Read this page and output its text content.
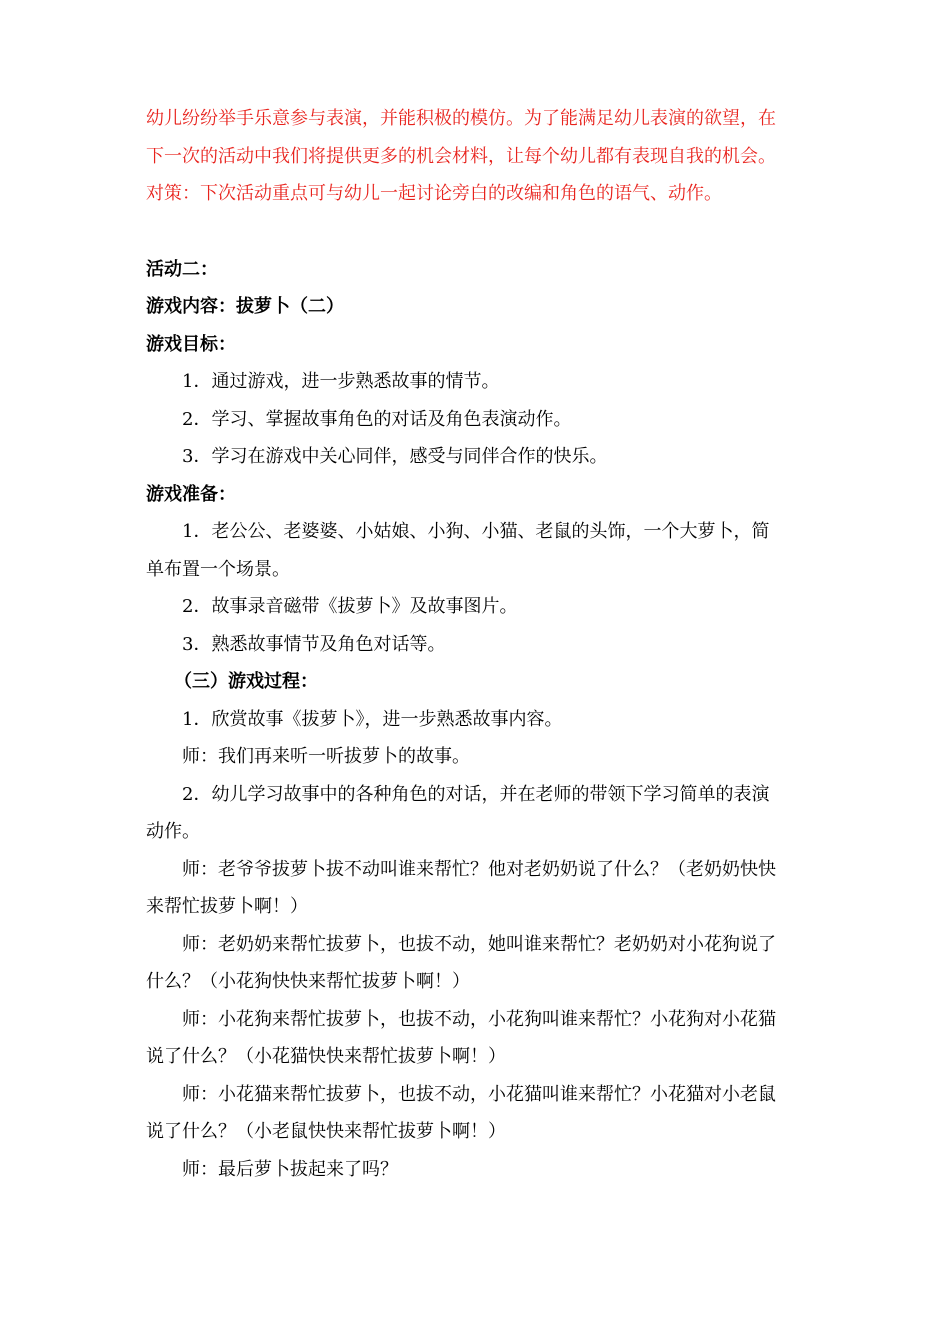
幼儿纷纷举手乐意参与表演，并能积极的模仿。为了能满足幼儿表演的欲望，在
下一次的活动中我们将提供更多的机会材料，让每个幼儿都有表现自我的机会。
对策：下次活动重点可与幼儿一起讨论旁白的改编和角色的语气、动作。
活动二：
游戏内容：拔萝卜（二）
游戏目标：
1．通过游戏，进一步熟悉故事的情节。
2．学习、掌握故事角色的对话及角色表演动作。
3．学习在游戏中关心同伴，感受与同伴合作的快乐。
游戏准备：
1．老公公、老婆婆、小姑娘、小狗、小猫、老鼠的头饰，一个大萝卜，简
单布置一个场景。
2．故事录音磁带《拔萝卜》及故事图片。
3．熟悉故事情节及角色对话等。
（三）游戏过程：
1．欣赏故事《拔萝卜》，进一步熟悉故事内容。
师：我们再来听一听拔萝卜的故事。
2．幼儿学习故事中的各种角色的对话，并在老师的带领下学习简单的表演
动作。
师：老爷爷拔萝卜拔不动叫谁来帮忙？他对老奶奶说了什么？（老奶奶快快
来帮忙拔萝卜啊！）
师：老奶奶来帮忙拔萝卜，也拔不动，她叫谁来帮忙？老奶奶对小花狗说了
什么？（小花狗快快来帮忙拔萝卜啊！）
师：小花狗来帮忙拔萝卜，也拔不动，小花狗叫谁来帮忙？小花狗对小花猫
说了什么？（小花猫快快来帮忙拔萝卜啊！）
师：小花猫来帮忙拔萝卜，也拔不动，小花猫叫谁来帮忙？小花猫对小老鼠
说了什么？（小老鼠快快来帮忙拔萝卜啊！）
师：最后萝卜拔起来了吗？
